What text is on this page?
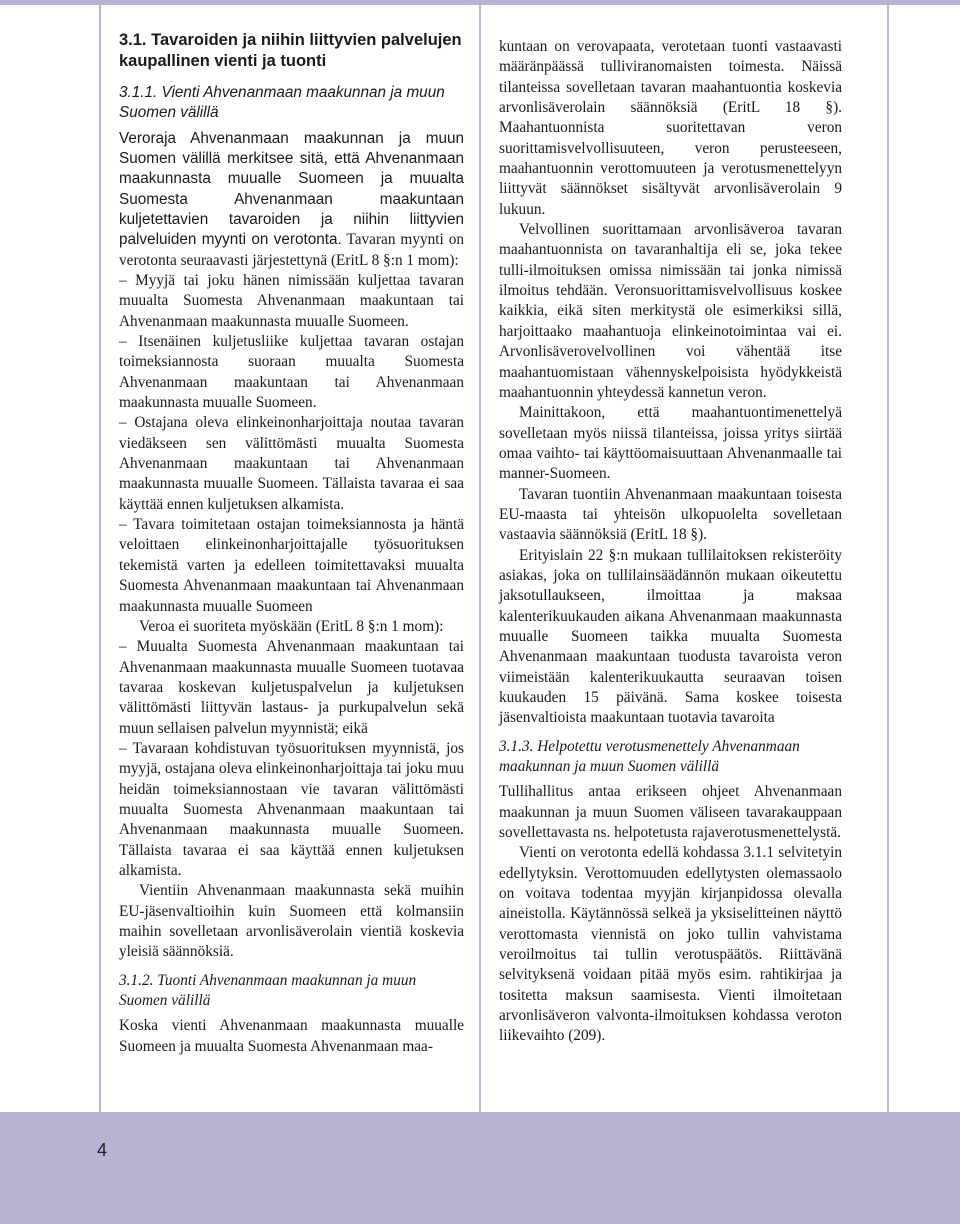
3.1. Tavaroiden ja niihin liittyvien palvelujen kaupallinen vienti ja tuonti

3.1.1. Vienti Ahvenanmaan maakunnan ja muun Suomen välillä

Veroraja Ahvenanmaan maakunnan ja muun Suomen välillä merkitsee sitä, että Ahvenanmaan maakunnasta muualle Suomeen ja muualta Suomesta Ahvenanmaan maakuntaan kuljetettavien tavaroiden ja niihin liittyvien palveluiden myynti on verotonta. Tavaran myynti on verotonta seuraavasti järjestettynä (EritL 8 §:n 1 mom):

– Myyjä tai joku hänen nimissään kuljettaa tavaran muualta Suomesta Ahvenanmaan maakuntaan tai Ahvenanmaan maakunnasta muualle Suomeen.

– Itsenäinen kuljetusliike kuljettaa tavaran ostajan toimeksiannosta suoraan muualta Suomesta Ahvenanmaan maakuntaan tai Ahvenanmaan maakunnasta muualle Suomeen.

– Ostajana oleva elinkeinonharjoittaja noutaa tavaran viedäkseen sen välittömästi muualta Suomesta Ahvenanmaan maakuntaan tai Ahvenanmaan maakunnasta muualle Suomeen. Tällaista tavaraa ei saa käyttää ennen kuljetuksen alkamista.

– Tavara toimitetaan ostajan toimeksiannosta ja häntä veloittaen elinkeinonharjoittajalle työsuorituksen tekemistä varten ja edelleen toimitettavaksi muualta Suomesta Ahvenanmaan maakuntaan tai Ahvenanmaan maakunnasta muualle Suomeen

Veroa ei suoriteta myöskään (EritL 8 §:n 1 mom):

– Muualta Suomesta Ahvenanmaan maakuntaan tai Ahvenanmaan maakunnasta muualle Suomeen tuotavaa tavaraa koskevan kuljetuspalvelun ja kuljetuksen välittömästi liittyvän lastaus- ja purkupalvelun sekä muun sellaisen palvelun myynnistä; eikä

– Tavaraan kohdistuvan työsuorituksen myynnistä, jos myyjä, ostajana oleva elinkeinonharjoittaja tai joku muu heidän toimeksiannostaan vie tavaran välittömästi muualta Suomesta Ahvenanmaan maakuntaan tai Ahvenanmaan maakunnasta muualle Suomeen. Tällaista tavaraa ei saa käyttää ennen kuljetuksen alkamista.

Vientiin Ahvenanmaan maakunnasta sekä muihin EU-jäsenvaltioihin kuin Suomeen että kolmansiin maihin sovelletaan arvonlisäverolain vientiä koskevia yleisiä säännöksiä.

3.1.2. Tuonti Ahvenanmaan maakunnan ja muun Suomen välillä

Koska vienti Ahvenanmaan maakunnasta muualle Suomeen ja muualta Suomesta Ahvenanmaan maa-

kuntaan on verovapaata, verotetaan tuonti vastaavasti määränpäässä tulliviranomaisten toimesta. Näissä tilanteissa sovelletaan tavaran maahantuontia koskevia arvonlisäverolain säännöksiä (EritL 18 §). Maahantuonnista suoritettavan veron suorittamisvelvollisuuteen, veron perusteeseen, maahantuonnin verottomuuteen ja verotusmenettelyyn liittyvät säännökset sisältyvät arvonlisäverolain 9 lukuun.

Velvollinen suorittamaan arvonlisäveroa tavaran maahantuonnista on tavaranhaltija eli se, joka tekee tulli-ilmoituksen omissa nimissään tai jonka nimissä ilmoitus tehdään. Veronsuorittamisvelvollisuus koskee kaikkia, eikä siten merkitystä ole esimerkiksi sillä, harjoittaako maahantuoja elinkeinotoimintaa vai ei. Arvonlisäverovelvollinen voi vähentää itse maahantuomistaan vähennyskelpoisista hyödykkeistä maahantuonnin yhteydessä kannetun veron.

Mainittakoon, että maahantuontimenettelyä sovelletaan myös niissä tilanteissa, joissa yritys siirtää omaa vaihto- tai käyttöomaisuuttaan Ahvenanmaalle tai manner-Suomeen.

Tavaran tuontiin Ahvenanmaan maakuntaan toisesta EU-maasta tai yhteisön ulkopuolelta sovelletaan vastaavia säännöksiä (EritL 18 §).

Erityislain 22 §:n mukaan tullilaitoksen rekisteröity asiakas, joka on tullilainsäädännön mukaan oikeutettu jaksotullaukseen, ilmoittaa ja maksaa kalenterikuukauden aikana Ahvenanmaan maakunnasta muualle Suomeen taikka muualta Suomesta Ahvenanmaan maakuntaan tuodusta tavaroista veron viimeistään kalenterikuukautta seuraavan toisen kuukauden 15 päivänä. Sama koskee toisesta jäsenvaltioista maakuntaan tuotavia tavaroita

3.1.3. Helpotettu verotusmenettely Ahvenanmaan maakunnan ja muun Suomen välillä

Tullihallitus antaa erikseen ohjeet Ahvenanmaan maakunnan ja muun Suomen väliseen tavarakauppaan sovellettavasta ns. helpotetusta rajaverotusmenettelystä.

Vienti on verotonta edellä kohdassa 3.1.1 selvitetyin edellytyksin. Verottomuuden edellytysten olemassaolo on voitava todentaa myyjän kirjanpidossa olevalla aineistolla. Käytännössä selkeä ja yksiselitteinen näyttö verottomasta viennistä on joko tullin vahvistama veroilmoitus tai tullin verotuspäätös. Riittävänä selvityksenä voidaan pitää myös esim. rahtikirjaa ja tositetta maksun saamisesta. Vienti ilmoitetaan arvonlisäveron valvonta-ilmoituksen kohdassa veroton liikevaihto (209).

4
